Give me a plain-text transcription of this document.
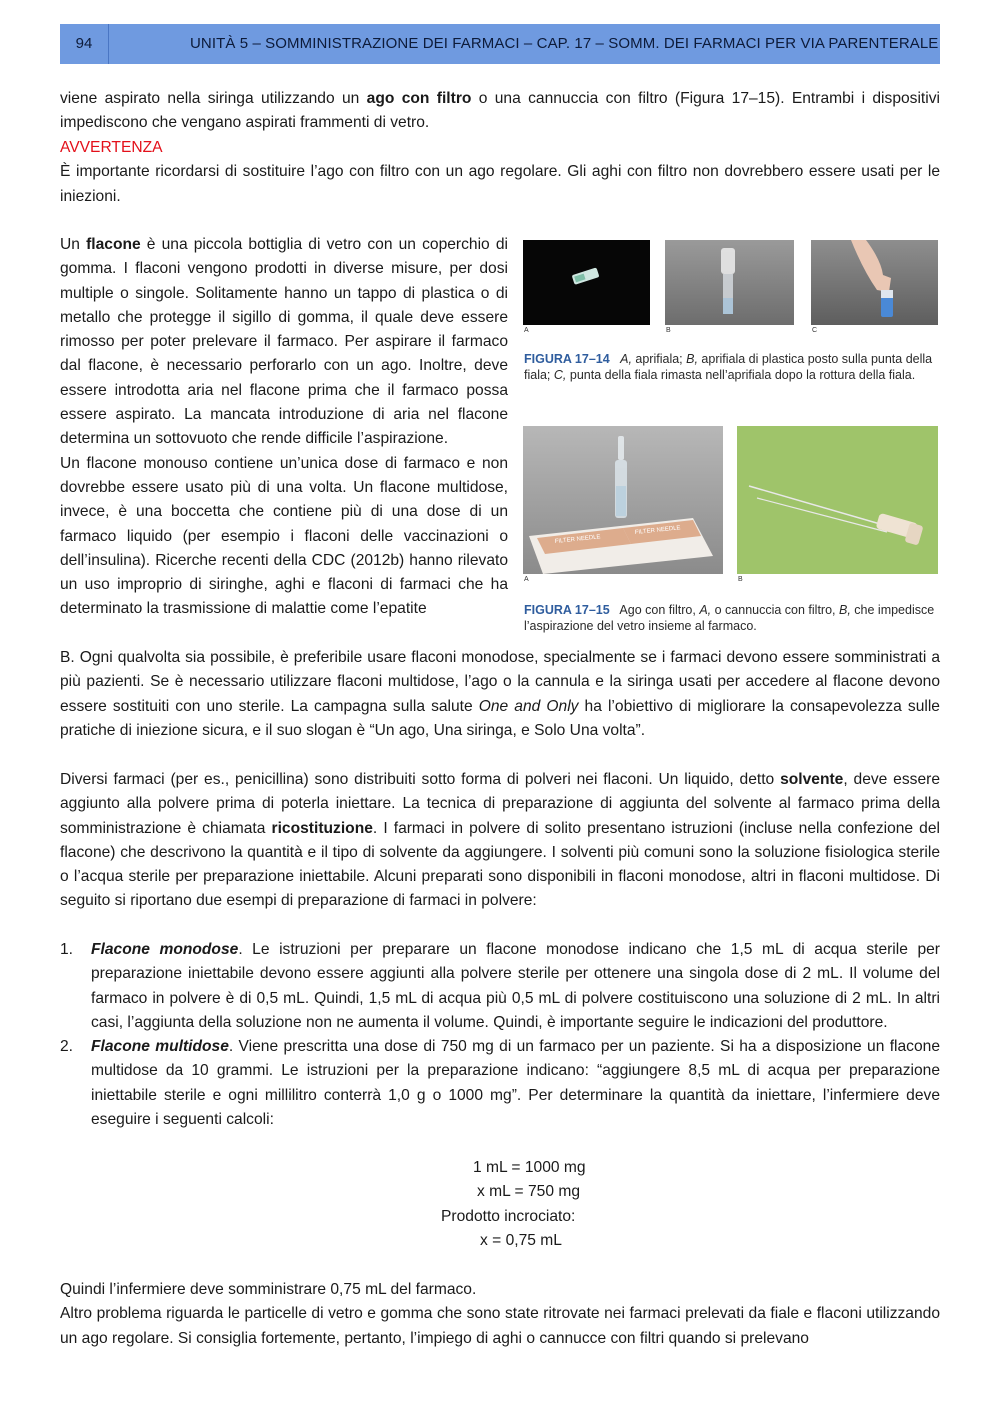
94	UNITÀ 5 – SOMMINISTRAZIONE DEI FARMACI – CAP. 17 – SOMM. DEI FARMACI PER VIA PARENTERALE
viene aspirato nella siringa utilizzando un ago con filtro o una cannuccia con filtro (Figura 17–15). Entrambi i dispositivi impediscono che vengano aspirati frammenti di vetro.
AVVERTENZA
È importante ricordarsi di sostituire l’ago con filtro con un ago regolare. Gli aghi con filtro non dovrebbero essere usati per le iniezioni.
Un flacone è una piccola bottiglia di vetro con un coperchio di gomma. I flaconi vengono prodotti in diverse misure, per dosi multiple o singole. Solitamente hanno un tappo di plastica o di metallo che protegge il sigillo di gomma, il quale deve essere rimosso per poter prelevare il farmaco. Per aspirare il farmaco dal flacone, è necessario perforarlo con un ago. Inoltre, deve essere introdotta aria nel flacone prima che il farmaco possa essere aspirato. La mancata introduzione di aria nel flacone determina un sottovuoto che rende difficile l’aspirazione.
Un flacone monouso contiene un’unica dose di farmaco e non dovrebbe essere usato più di una volta. Un flacone multidose, invece, è una boccetta che contiene più di una dose di un farmaco liquido (per esempio i flaconi delle vaccinazioni o dell’insulina). Ricerche recenti della CDC (2012b) hanno rilevato un uso improprio di siringhe, aghi e flaconi di farmaci che ha determinato la trasmissione di malattie come l’epatite
A	B	C
FIGURA 17–14 A, aprifiala; B, aprifiala di plastica posto sulla punta della fiala; C, punta della fiala rimasta nell’aprifiala dopo la rottura della fiala.
FILTER NEEDLE
FILTER NEEDLE
A	B
FIGURA 17–15 Ago con filtro, A, o cannuccia con filtro, B, che impedisce l’aspirazione del vetro insieme al farmaco.
B. Ogni qualvolta sia possibile, è preferibile usare flaconi monodose, specialmente se i farmaci devono essere somministrati a più pazienti. Se è necessario utilizzare flaconi multidose, l’ago o la cannula e la siringa usati per accedere al flacone devono essere sostituiti con uno sterile. La campagna sulla salute One and Only ha l’obiettivo di migliorare la consapevolezza sulle pratiche di iniezione sicura, e il suo slogan è “Un ago, Una siringa, e Solo Una volta”.
Diversi farmaci (per es., penicillina) sono distribuiti sotto forma di polveri nei flaconi. Un liquido, detto solvente, deve essere aggiunto alla polvere prima di poterla iniettare. La tecnica di preparazione di aggiunta del solvente al farmaco prima della somministrazione è chiamata ricostituzione. I farmaci in polvere di solito presentano istruzioni (incluse nella confezione del flacone) che descrivono la quantità e il tipo di solvente da aggiungere. I solventi più comuni sono la soluzione fisiologica sterile o l’acqua sterile per preparazione iniettabile. Alcuni preparati sono disponibili in flaconi monodose, altri in flaconi multidose. Di seguito si riportano due esempi di preparazione di farmaci in polvere:
1. Flacone monodose. Le istruzioni per preparare un flacone monodose indicano che 1,5 mL di acqua sterile per preparazione iniettabile devono essere aggiunti alla polvere sterile per ottenere una singola dose di 2 mL. Il volume del farmaco in polvere è di 0,5 mL. Quindi, 1,5 mL di acqua più 0,5 mL di polvere costituiscono una soluzione di 2 mL. In altri casi, l’aggiunta della soluzione non ne aumenta il volume. Quindi, è importante seguire le indicazioni del produttore.
2. Flacone multidose. Viene prescritta una dose di 750 mg di un farmaco per un paziente. Si ha a disposizione un flacone multidose da 10 grammi. Le istruzioni per la preparazione indicano: “aggiungere 8,5 mL di acqua per preparazione iniettabile sterile e ogni millilitro conterrà 1,0 g o 1000 mg”. Per determinare la quantità da iniettare, l’infermiere deve eseguire i seguenti calcoli:
1 mL = 1000 mg
x mL = 750 mg
Prodotto incrociato:
x = 0,75 mL
Quindi l’infermiere deve somministrare 0,75 mL del farmaco.
Altro problema riguarda le particelle di vetro e gomma che sono state ritrovate nei farmaci prelevati da fiale e flaconi utilizzando un ago regolare. Si consiglia fortemente, pertanto, l’impiego di aghi o cannucce con filtri quando si prelevano
